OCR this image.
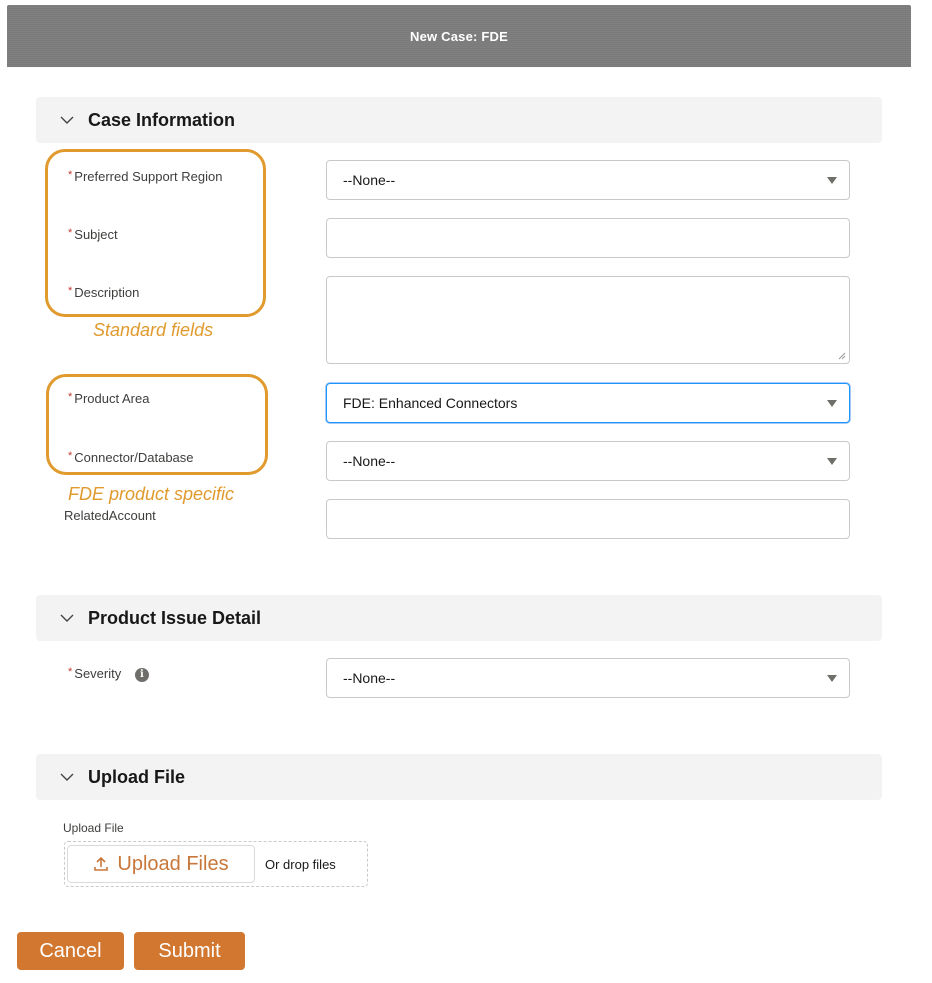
New Case: FDE
Case Information
Standard fields
* Preferred Support Region	--None--
* Subject
* Description
FDE product specific
* Product Area	FDE: Enhanced Connectors
* Connector/Database	--None--
RelatedAccount
Product Issue Detail
* Severity i	--None--
Upload File
Upload File
Upload Files	Or drop files
Cancel	Submit
